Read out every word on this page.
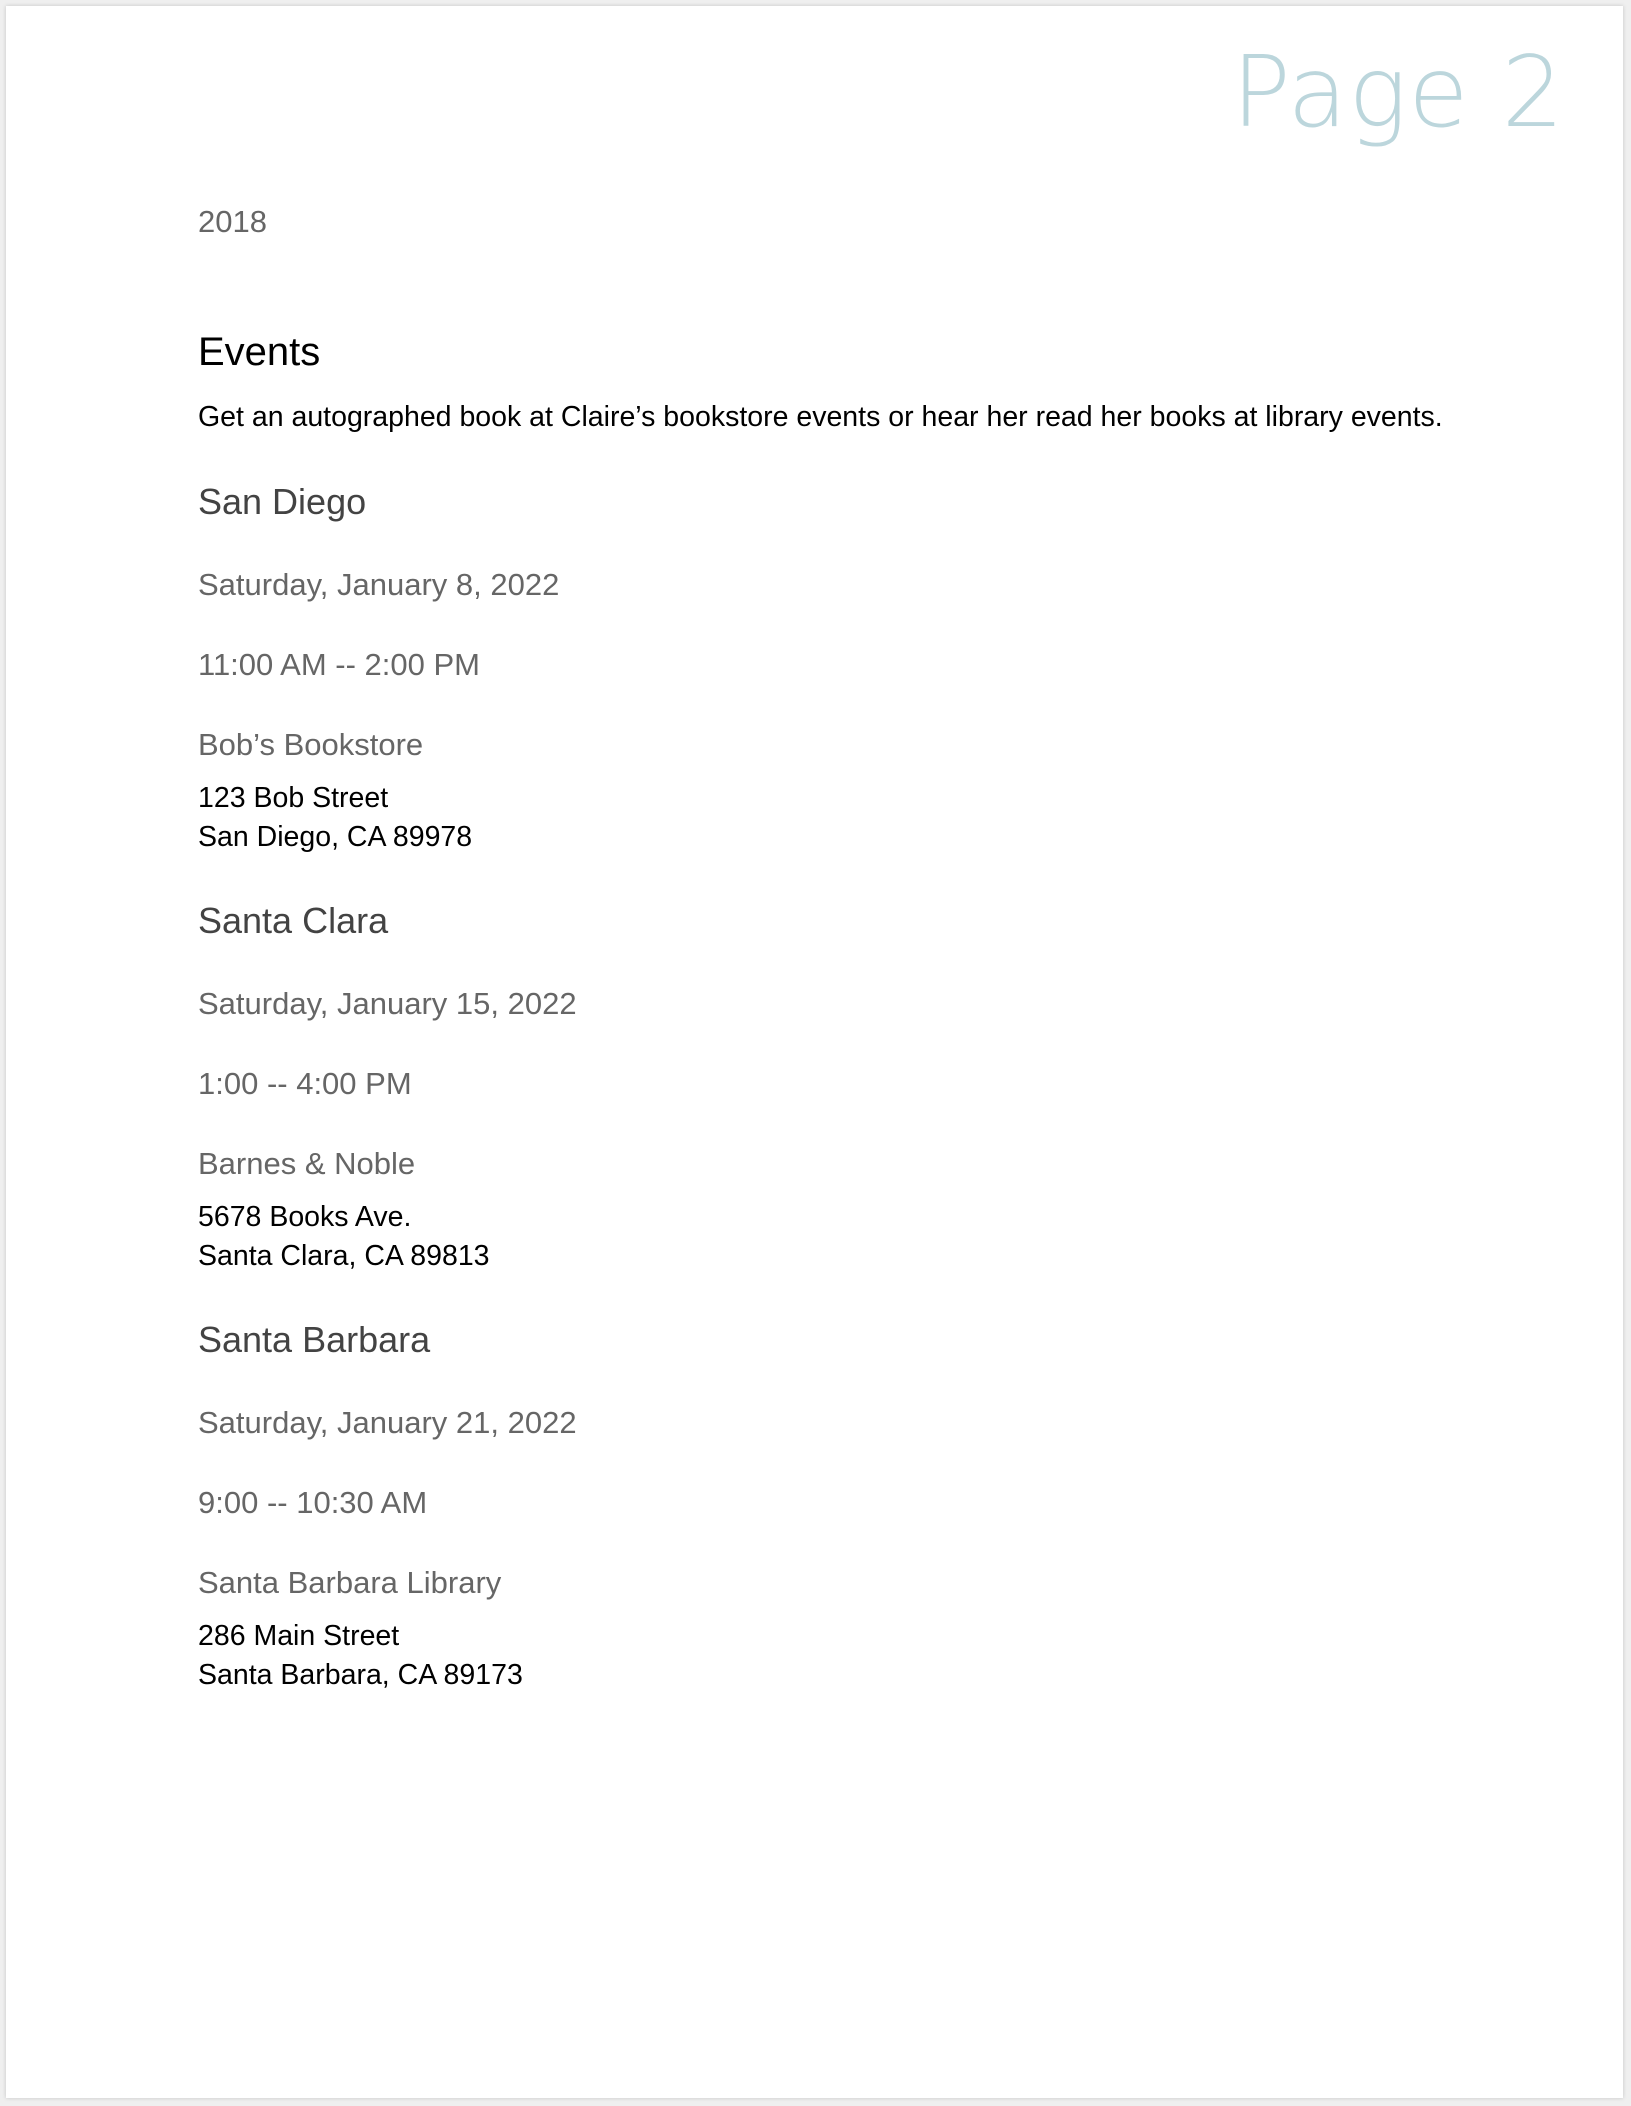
Page 2

2018

Events

Get an autographed book at Claire’s bookstore events or hear her read her books at library events.

San Diego

Saturday, January 8, 2022

11:00 AM -- 2:00 PM

Bob’s Bookstore

123 Bob Street
San Diego, CA 89978
Santa Clara

Saturday, January 15, 2022

1:00 -- 4:00 PM

Barnes & Noble

5678 Books Ave.
Santa Clara, CA 89813
Santa Barbara

Saturday, January 21, 2022

9:00 -- 10:30 AM

Santa Barbara Library

286 Main Street
Santa Barbara, CA 89173
